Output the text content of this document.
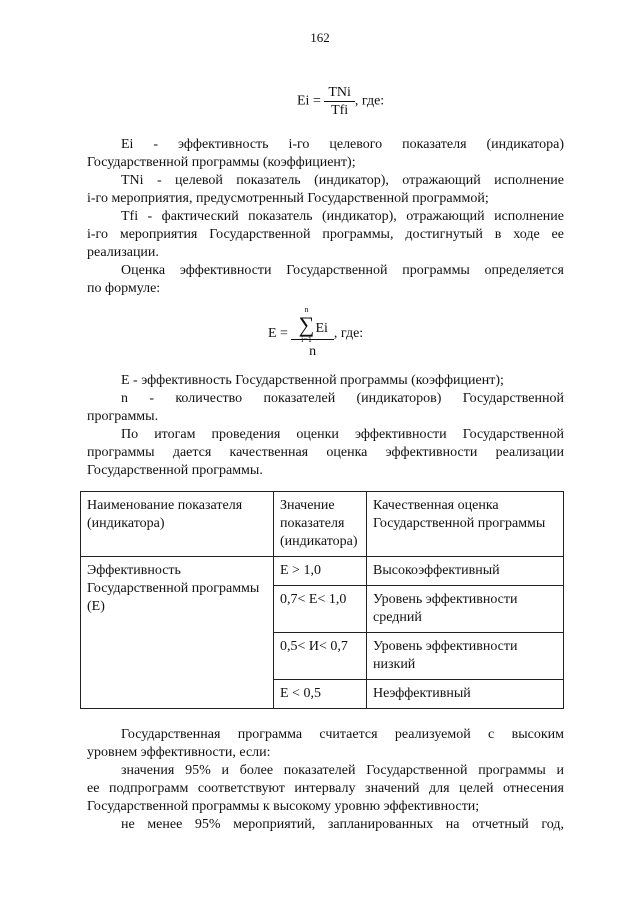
162
$Ei = \frac{\text{TNi}}{\text{Tfi}}$ , где:

Ei - эффективность i-го целевого показателя (индикатора)

Государственной программы (коэффициент);

TNi - целевой показатель (индикатор), отражающий исполнение

i-го мероприятия, предусмотренный Государственной программой;

Tfi - фактический показатель (индикатор), отражающий исполнение

i-го мероприятия Государственной программы, достигнутый в ходе ее

реализации.

Оценка эффективности Государственной программы определяется

по формуле:

E = n
∑
i=1
Ei
n , где:

E - эффективность Государственной программы (коэффициент);

n - количество показателей (индикаторов) Государственной

программы.

По итогам проведения оценки эффективности Государственной

программы дается качественная оценка эффективности реализации

Государственной программы.

Наименование показателя (индикатора)	Значение показателя (индикатора)	Качественная оценка Государственной программы
Эффективность Государственной программы (E)	E > 1,0	Высокоэффективный
	0,7< E< 1,0	Уровень эффективности средний
	0,5< И< 0,7	Уровень эффективности низкий
	E < 0,5	Неэффективный

Государственная программа считается реализуемой с высоким

уровнем эффективности, если:

значения 95% и более показателей Государственной программы и

ее подпрограмм соответствуют интервалу значений для целей отнесения

Государственной программы к высокому уровню эффективности;

не менее 95% мероприятий, запланированных на отчетный год,
